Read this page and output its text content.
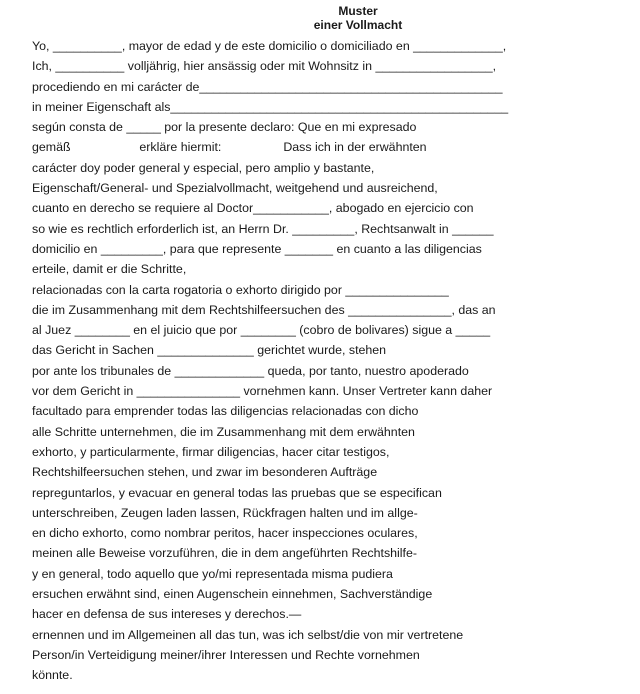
Muster
einer Vollmacht
Yo, __________, mayor de edad y de este domicilio o domiciliado en _____________,
Ich, __________ volljährig, hier ansässig oder mit Wohnsitz in _________________,
procediendo en mi carácter de____________________________________________
in meiner Eigenschaft als_________________________________________________
según consta de _____ por la presente declaro: Que en mi expresado
gemäß                    erkläre hiermit:                  Dass ich in der erwähnten
carácter doy poder general y especial, pero amplio y bastante,
Eigenschaft/General- und Spezialvollmacht, weitgehend und ausreichend,
cuanto en derecho se requiere al Doctor___________, abogado en ejercicio con
so wie es rechtlich erforderlich ist, an Herrn Dr. _________, Rechtsanwalt in ______
domicilio en _________, para que represente _______ en cuanto a las diligencias
erteile, damit er die Schritte,
relacionadas con la carta rogatoria o exhorto dirigido por _______________
die im Zusammenhang mit dem Rechtshilfeersuchen des _______________, das an
al Juez ________ en el juicio que por ________ (cobro de bolivares) sigue a _____
das Gericht in Sachen ______________ gerichtet wurde, stehen
por ante los tribunales de _____________ queda, por tanto, nuestro apoderado
vor dem Gericht in _______________ vornehmen kann. Unser Vertreter kann daher
facultado para emprender todas las diligencias relacionadas con dicho
alle Schritte unternehmen, die im Zusammenhang mit dem erwähnten
exhorto, y particularmente, firmar diligencias, hacer citar testigos,
Rechtshilfeersuchen stehen, und zwar im besonderen Aufträge
repreguntarlos, y evacuar en general todas las pruebas que se especifican
unterschreiben, Zeugen laden lassen, Rückfragen halten und im allge-
en dicho exhorto, como nombrar peritos, hacer inspecciones oculares,
meinen alle Beweise vorzuführen, die in dem angeführten Rechtshilfe-
y en general, todo aquello que yo/mi representada misma pudiera
ersuchen erwähnt sind, einen Augenschein einnehmen, Sachverständige
hacer en defensa de sus intereses y derechos.—
ernennen und im Allgemeinen all das tun, was ich selbst/die von mir vertretene
Person/in Verteidigung meiner/ihrer Interessen und Rechte vornehmen
könnte.
